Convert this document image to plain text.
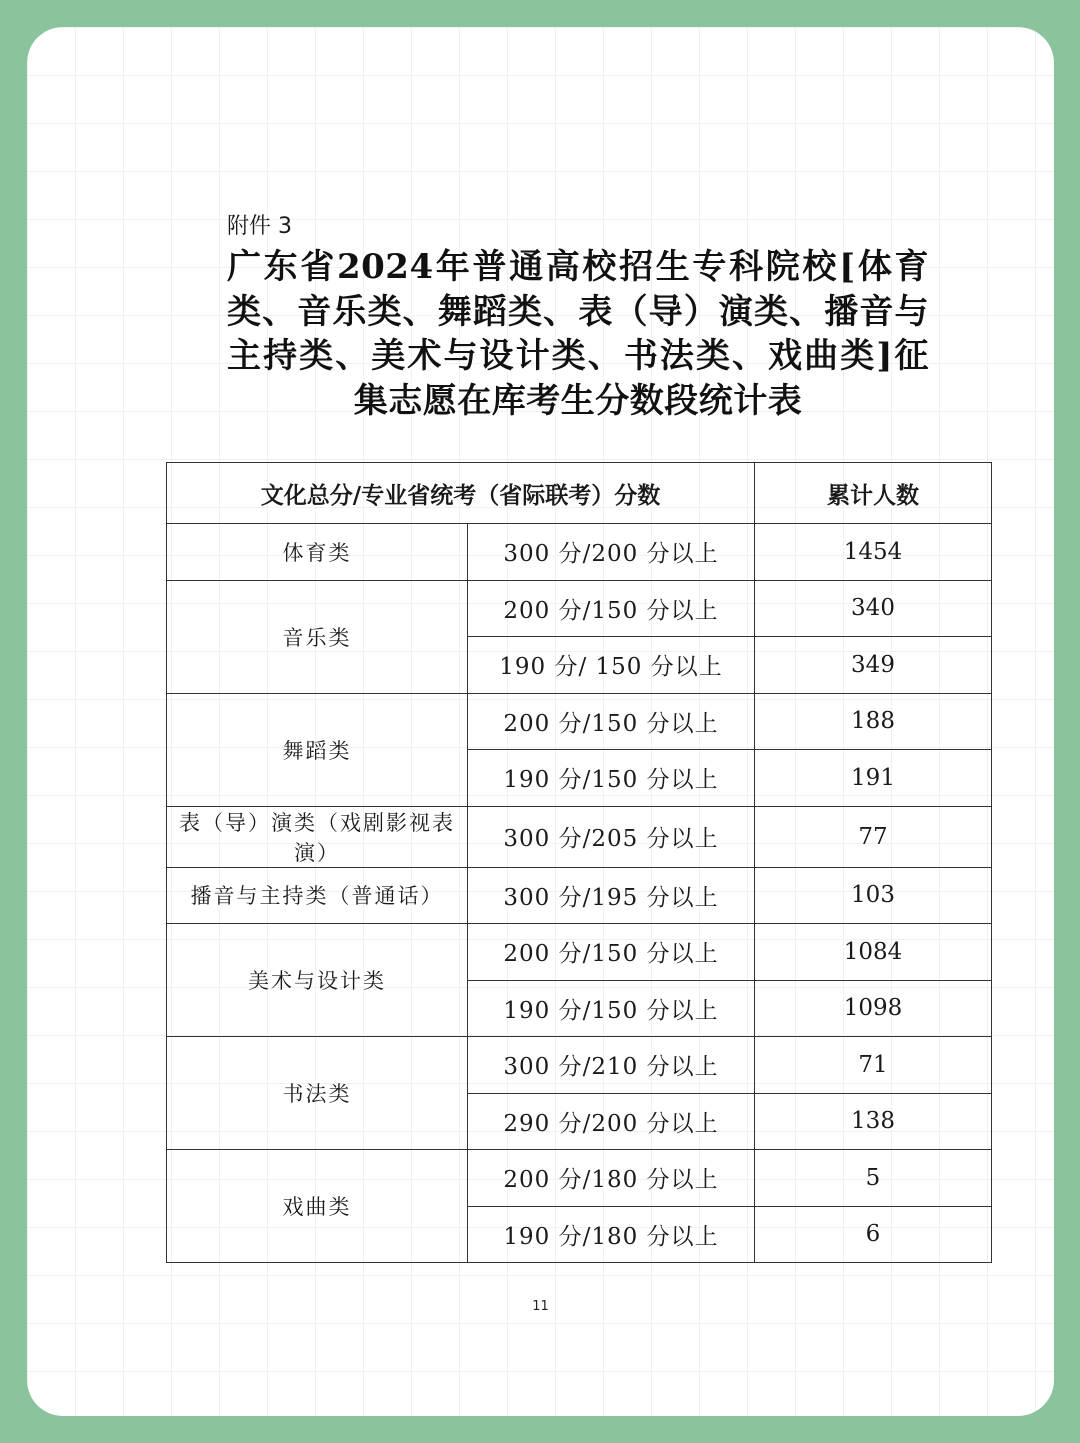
附件 3
广东省2024年普通高校招生专科院校[体育类、音乐类、舞蹈类、表（导）演类、播音与主持类、美术与设计类、书法类、戏曲类]征集志愿在库考生分数段统计表
文化总分/专业省统考（省际联考）分数		累计人数
体育类	300 分/200 分以上	1454
音乐类	200 分/150 分以上	340
	190 分/ 150 分以上	349
舞蹈类	200 分/150 分以上	188
	190 分/150 分以上	191
表（导）演类（戏剧影视表演）	300 分/205 分以上	77
播音与主持类（普通话）	300 分/195 分以上	103
美术与设计类	200 分/150 分以上	1084
	190 分/150 分以上	1098
书法类	300 分/210 分以上	71
	290 分/200 分以上	138
戏曲类	200 分/180 分以上	5
	190 分/180 分以上	6
11
